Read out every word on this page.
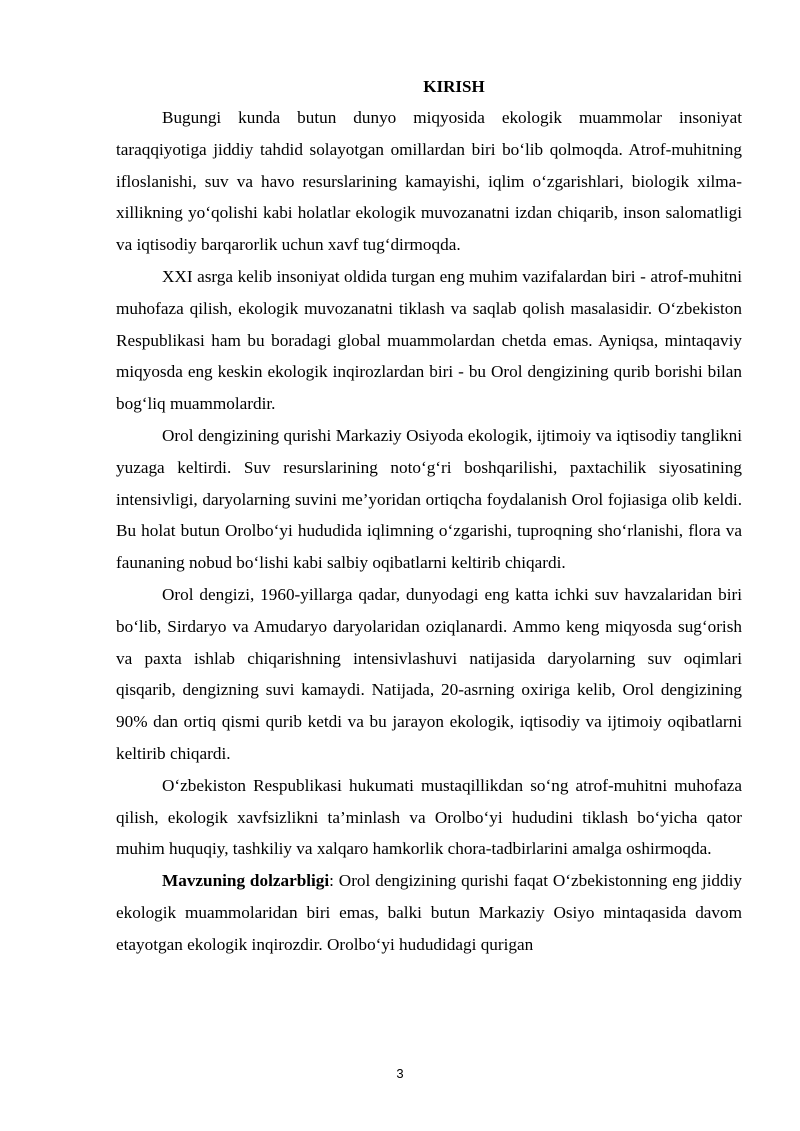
KIRISH

Bugungi kunda butun dunyo miqyosida ekologik muammolar insoniyat taraqqiyotiga jiddiy tahdid solayotgan omillardan biri bo‘lib qolmoqda. Atrof-muhitning ifloslanishi, suv va havo resurslarining kamayishi, iqlim o‘zgarishlari, biologik xilma-xillikning yo‘qolishi kabi holatlar ekologik muvozanatni izdan chiqarib, inson salomatligi va iqtisodiy barqarorlik uchun xavf tug‘dirmoqda.

XXI asrga kelib insoniyat oldida turgan eng muhim vazifalardan biri - atrof-muhitni muhofaza qilish, ekologik muvozanatni tiklash va saqlab qolish masalasidir. O‘zbekiston Respublikasi ham bu boradagi global muammolardan chetda emas. Ayniqsa, mintaqaviy miqyosda eng keskin ekologik inqirozlardan biri - bu Orol dengizining qurib borishi bilan bog‘liq muammolardir.

Orol dengizining qurishi Markaziy Osiyoda ekologik, ijtimoiy va iqtisodiy tanglikni yuzaga keltirdi. Suv resurslarining noto‘g‘ri boshqarilishi, paxtachilik siyosatining intensivligi, daryolarning suvini me’yoridan ortiqcha foydalanish Orol fojiasiga olib keldi. Bu holat butun Orolbo‘yi hududida iqlimning o‘zgarishi, tuproqning sho‘rlanishi, flora va faunaning nobud bo‘lishi kabi salbiy oqibatlarni keltirib chiqardi.

Orol dengizi, 1960-yillarga qadar, dunyodagi eng katta ichki suv havzalaridan biri bo‘lib, Sirdaryo va Amudaryo daryolaridan oziqlanardi. Ammo keng miqyosda sug‘orish va paxta ishlab chiqarishning intensivlashuvi natijasida daryolarning suv oqimlari qisqarib, dengizning suvi kamaydi. Natijada, 20-asrning oxiriga kelib, Orol dengizining 90% dan ortiq qismi qurib ketdi va bu jarayon ekologik, iqtisodiy va ijtimoiy oqibatlarni keltirib chiqardi.

O‘zbekiston Respublikasi hukumati mustaqillikdan so‘ng atrof-muhitni muhofaza qilish, ekologik xavfsizlikni ta’minlash va Orolbo‘yi hududini tiklash bo‘yicha qator muhim huquqiy, tashkiliy va xalqaro hamkorlik chora-tadbirlarini amalga oshirmoqda.

Mavzuning dolzarbligi: Orol dengizining qurishi faqat O‘zbekistonning eng jiddiy ekologik muammolaridan biri emas, balki butun Markaziy Osiyo mintaqasida davom etayotgan ekologik inqirozdir. Orolbo‘yi hududidagi qurigan

3
